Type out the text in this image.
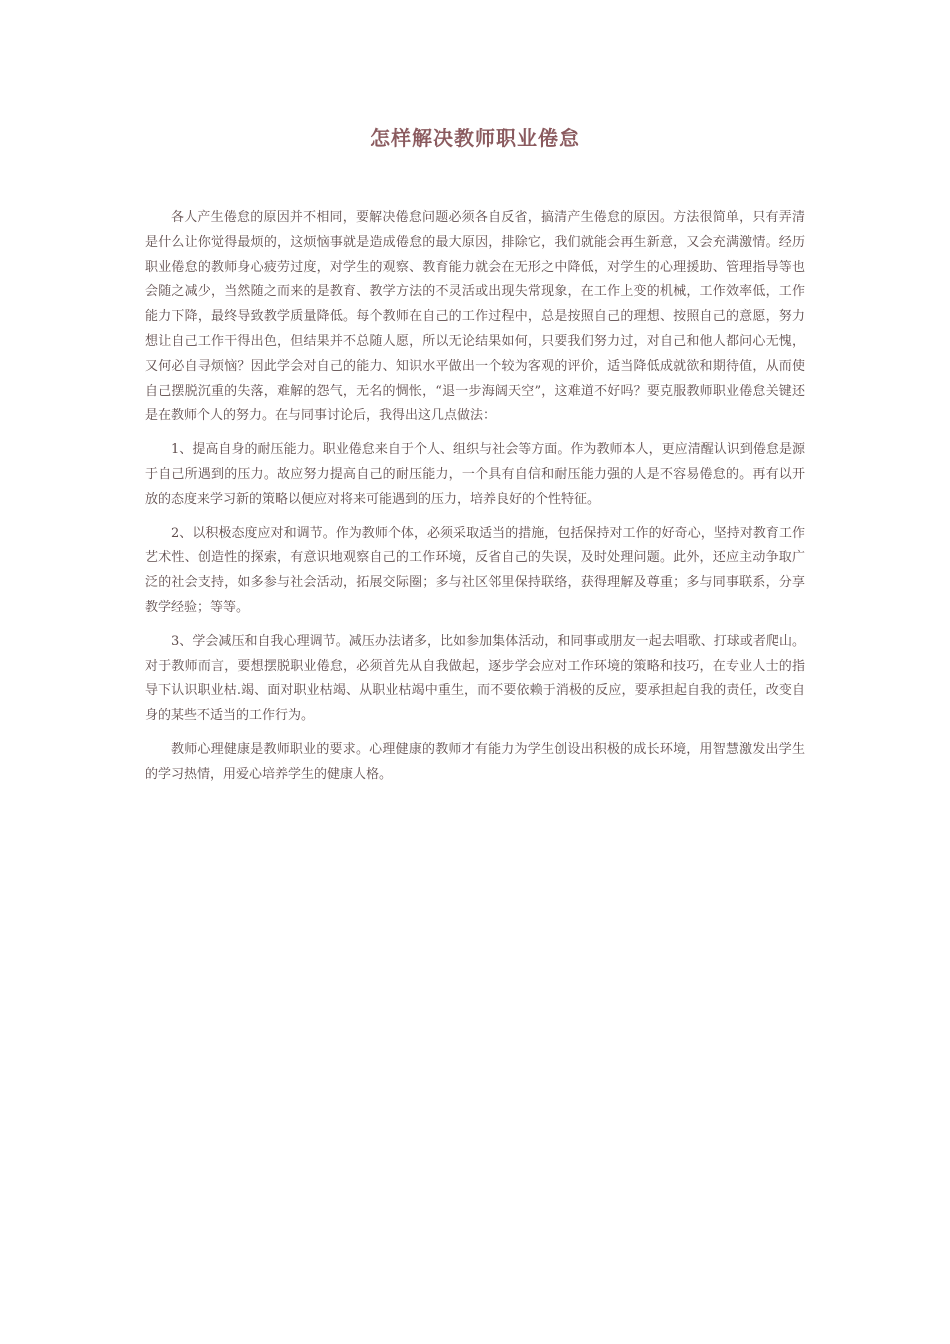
怎样解决教师职业倦怠

各人产生倦怠的原因并不相同，要解决倦怠问题必须各自反省，搞清产生倦怠的原因。方法很简单，只有弄清是什么让你觉得最烦的，这烦恼事就是造成倦怠的最大原因，排除它，我们就能会再生新意，又会充满激情。经历职业倦怠的教师身心疲劳过度，对学生的观察、教育能力就会在无形之中降低，对学生的心理援助、管理指导等也会随之减少，当然随之而来的是教育、教学方法的不灵活或出现失常现象，在工作上变的机械，工作效率低，工作能力下降，最终导致教学质量降低。每个教师在自己的工作过程中，总是按照自己的理想、按照自己的意愿，努力想让自己工作干得出色，但结果并不总随人愿，所以无论结果如何，只要我们努力过，对自己和他人都问心无愧，又何必自寻烦恼？因此学会对自己的能力、知识水平做出一个较为客观的评价，适当降低成就欲和期待值，从而使自己摆脱沉重的失落，难解的怨气，无名的惆怅，“退一步海阔天空”，这难道不好吗？要克服教师职业倦怠关键还是在教师个人的努力。在与同事讨论后，我得出这几点做法：

1、提高自身的耐压能力。职业倦怠来自于个人、组织与社会等方面。作为教师本人，更应清醒认识到倦怠是源于自己所遇到的压力。故应努力提高自己的耐压能力，一个具有自信和耐压能力强的人是不容易倦怠的。再有以开放的态度来学习新的策略以便应对将来可能遇到的压力，培养良好的个性特征。

2、以积极态度应对和调节。作为教师个体，必须采取适当的措施，包括保持对工作的好奇心，坚持对教育工作艺术性、创造性的探索，有意识地观察自己的工作环境，反省自己的失误，及时处理问题。此外，还应主动争取广泛的社会支持，如多参与社会活动，拓展交际圈；多与社区邻里保持联络，获得理解及尊重；多与同事联系，分享教学经验；等等。

3、学会减压和自我心理调节。减压办法诸多，比如参加集体活动，和同事或朋友一起去唱歌、打球或者爬山。对于教师而言，要想摆脱职业倦怠，必须首先从自我做起，逐步学会应对工作环境的策略和技巧，在专业人士的指导下认识职业枯.竭、面对职业枯竭、从职业枯竭中重生，而不要依赖于消极的反应，要承担起自我的责任，改变自身的某些不适当的工作行为。

教师心理健康是教师职业的要求。心理健康的教师才有能力为学生创设出积极的成长环境，用智慧激发出学生的学习热情，用爱心培养学生的健康人格。
